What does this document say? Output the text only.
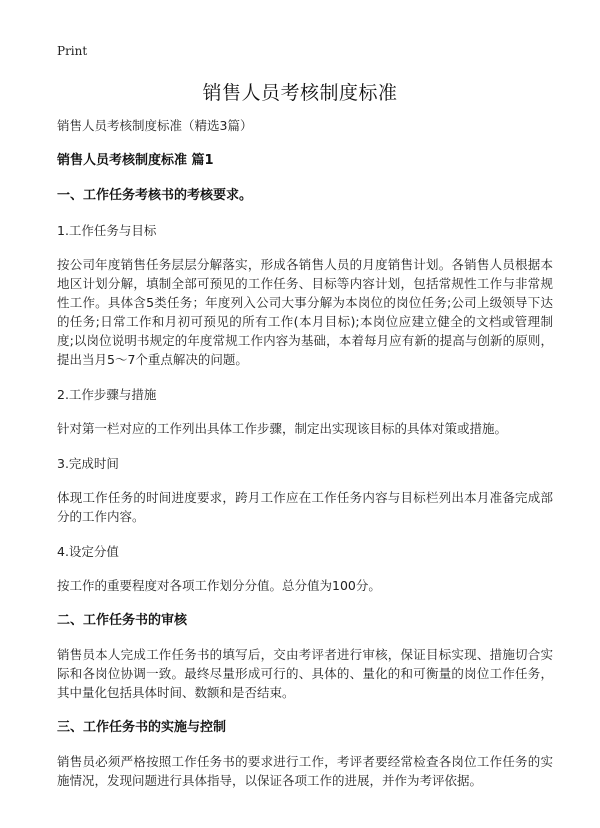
Print
销售人员考核制度标准

销售人员考核制度标准（精选3篇）

销售人员考核制度标准 篇1

一、工作任务考核书的考核要求。

1.工作任务与目标

按公司年度销售任务层层分解落实，形成各销售人员的月度销售计划。各销售人员根据本地区计划分解，填制全部可预见的工作任务、目标等内容计划，包括常规性工作与非常规性工作。具体含5类任务；年度列入公司大事分解为本岗位的岗位任务;公司上级领导下达的任务;日常工作和月初可预见的所有工作(本月目标);本岗位应建立健全的文档或管理制度;以岗位说明书规定的年度常规工作内容为基础，本着每月应有新的提高与创新的原则，提出当月5～7个重点解决的问题。

2.工作步骤与措施

针对第一栏对应的工作列出具体工作步骤，制定出实现该目标的具体对策或措施。

3.完成时间

体现工作任务的时间进度要求，跨月工作应在工作任务内容与目标栏列出本月准备完成部分的工作内容。

4.设定分值

按工作的重要程度对各项工作划分分值。总分值为100分。

二、工作任务书的审核

销售员本人完成工作任务书的填写后，交由考评者进行审核，保证目标实现、措施切合实际和各岗位协调一致。最终尽量形成可行的、具体的、量化的和可衡量的岗位工作任务，其中量化包括具体时间、数额和是否结束。

三、工作任务书的实施与控制

销售员必须严格按照工作任务书的要求进行工作，考评者要经常检查各岗位工作任务的实施情况，发现问题进行具体指导，以保证各项工作的进展，并作为考评依据。
